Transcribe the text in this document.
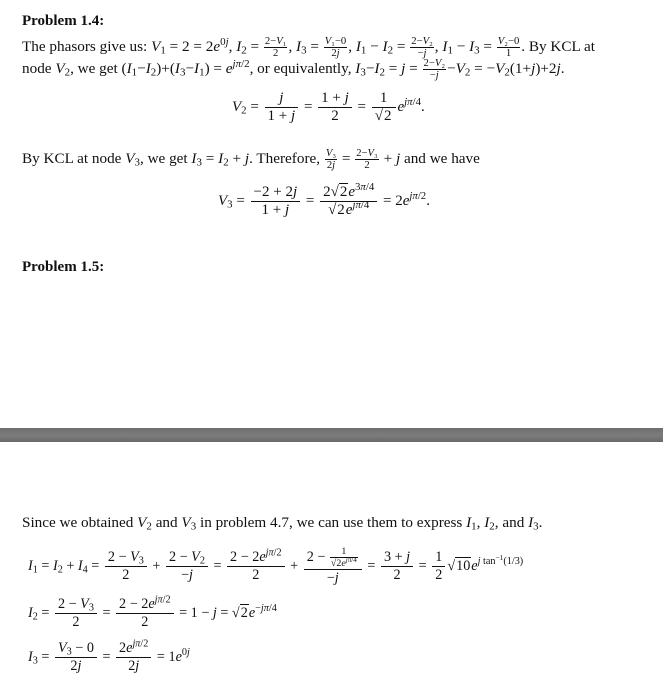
Problem 1.4:
The phasors give us: $V_1 = 2 = 2e^{0j}$, $I_2 = \frac{\text{2−V₁}}{2}$ , $I_3 = \frac{\text{V₁−0}}{2j}$ , $I_1 - I_2 = \frac{\text{2−V₂}}{-j}$ , $I_1 - I_3 = \frac{\text{V₂−0}}{1}$ . By KCL at
node $V_2$, we get $(I_1-I_2)+(I_3-I_1) = e^{j\pi/2}$, or equivalently, $I_3-I_2 = j = \frac{\text{2−V₂}}{-j} -V_2 = -V_2(1+j)+2j$.
$V_2 = \frac{j}{1 + j} = \frac{1 + j}{2} = \frac{1}{√2} e^{j\pi/4}$.
By KCL at node $V_3$, we get $I_3 = I_2 + j$. Therefore, $\frac{\text{V₃}}{2j} = \frac{\text{2−V₃}}{2} + j$ and we have
$V_3 = \frac{-2 + 2j}{1 + j} = \frac{2√2e^{3\pi/4}}{√2e^{j\pi/4}} = 2e^{j\pi/2}$.
Problem 1.5:
Since we obtained $V_2$ and $V_3$ in problem 4.7, we can use them to express $I_1$, $I_2$, and $I_3$.
$I_1 = I_2 + I_4 = \frac{2 - V_3}{2} + \frac{2 - V_2}{-j} = \frac{2 - 2e^{j\pi/2}}{2} + \frac{2 - \frac{1}{√2e^{j\pi/4}}}{-j} = \frac{3 + j}{2} = \frac{1}{2} √10e^{j tan^{-1}(1/3)}$
$I_2 = \frac{2 - V_3}{2} = \frac{2 - 2e^{j\pi/2}}{2} = 1 - j = √2e^{-j\pi/4}$
$I_3 = \frac{V_3 - 0}{2j} = \frac{2e^{j\pi/2}}{2j} = 1e^{0j}$
